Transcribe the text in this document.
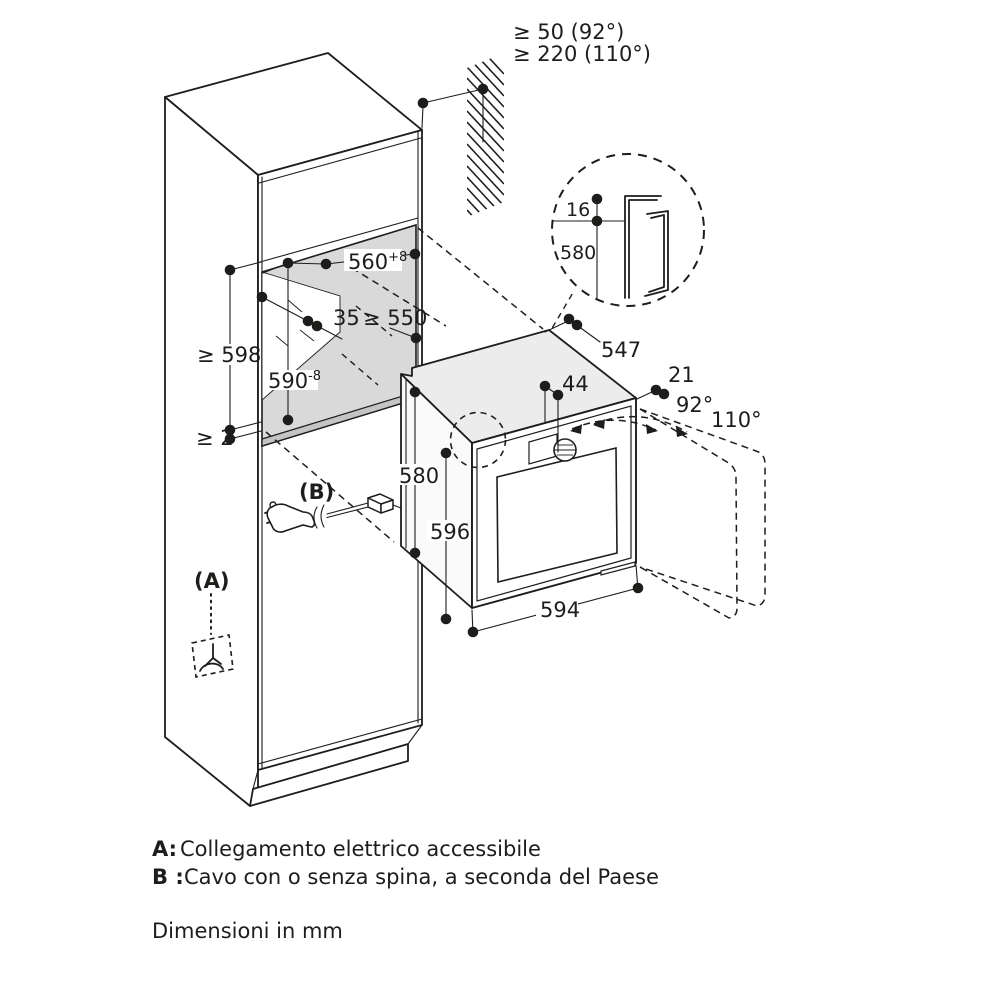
16
580
≥ 50 (92°)
≥ 220 (110°)
$560^{+8}$
35 ≥ 550
≥ 598
$590^{-8}$
≥ 2
547
21
92°
110°
44
580
596
594
(A)
(B)
A: Collegamento elettrico accessibile
B : Cavo con o senza spina, a seconda del Paese
Dimensioni in mm
